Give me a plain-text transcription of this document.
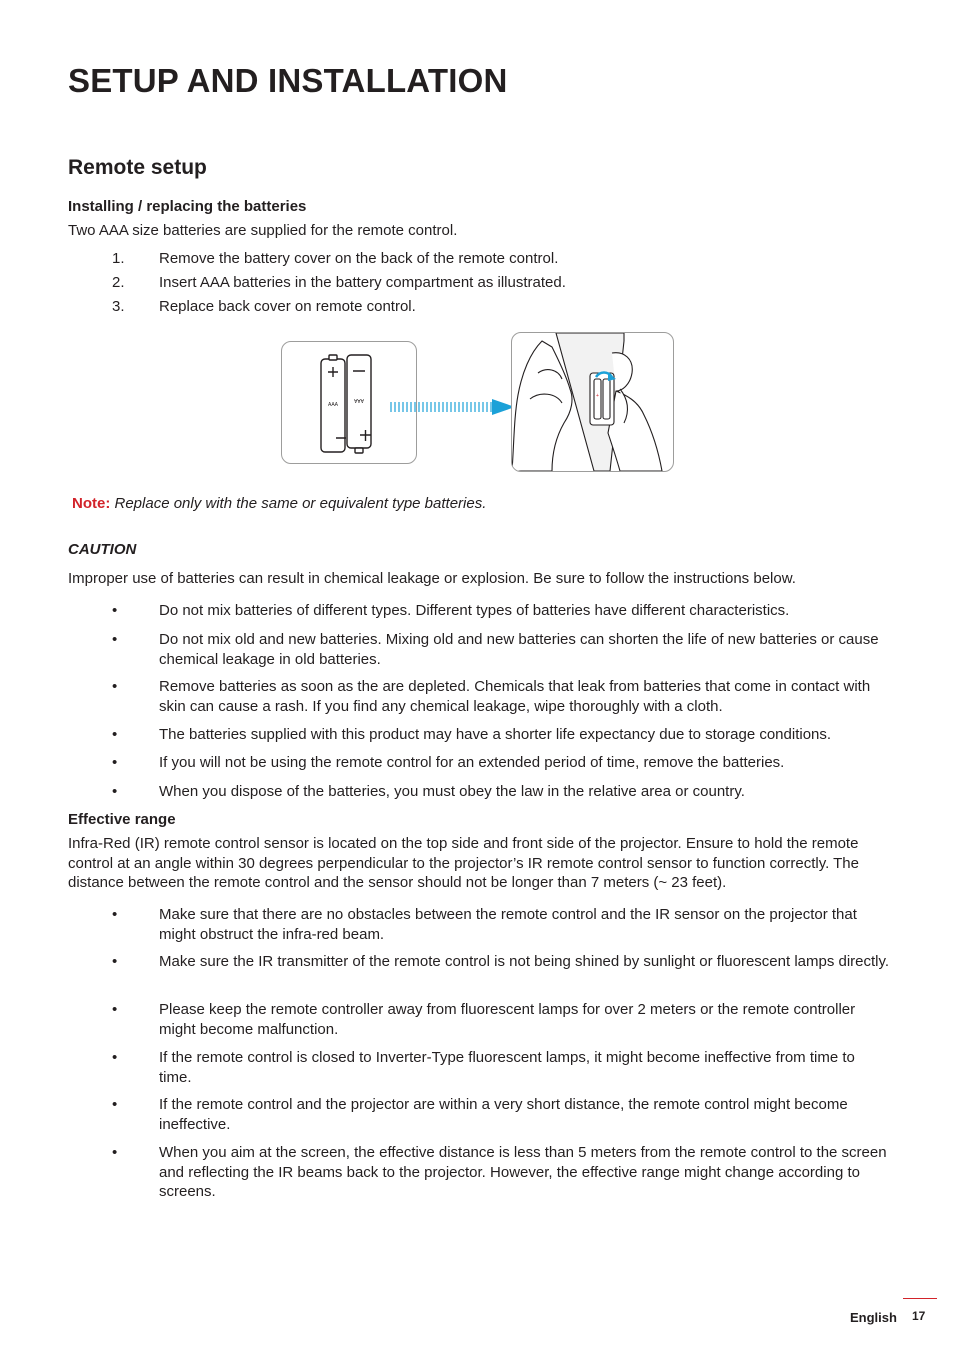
SETUP AND INSTALLATION
Remote setup
Installing / replacing the batteries
Two AAA size batteries are supplied for the remote control.
1.	Remove the battery cover on the back of the remote control.
2.	Insert AAA batteries in the battery compartment as illustrated.
3.	Replace back cover on remote control.
AAA
AAA
+
Note: Replace only with the same or equivalent type batteries.
CAUTION
Improper use of batteries can result in chemical leakage or explosion. Be sure to follow the instructions below.
•	Do not mix batteries of different types. Different types of batteries have different characteristics.
•	Do not mix old and new batteries. Mixing old and new batteries can shorten the life of new batteries or cause chemical leakage in old batteries.
•	Remove batteries as soon as the are depleted. Chemicals that leak from batteries that come in contact with skin can cause a rash. If you find any chemical leakage, wipe thoroughly with a cloth.
•	The batteries supplied with this product may have a shorter life expectancy due to storage conditions.
•	If you will not be using the remote control for an extended period of time, remove the batteries.
•	When you dispose of the batteries, you must obey the law in the relative area or country.
Effective range
Infra-Red (IR) remote control sensor is located on the top side and front side of the projector. Ensure to hold the remote control at an angle within 30 degrees perpendicular to the projector’s IR remote control sensor to function correctly. The distance between the remote control and the sensor should not be longer than 7 meters (~ 23 feet).
•	Make sure that there are no obstacles between the remote control and the IR sensor on the projector that might obstruct the infra-red beam.
•	Make sure the IR transmitter of the remote control is not being shined by sunlight or fluorescent lamps directly.
•	Please keep the remote controller away from fluorescent lamps for over 2 meters or the remote controller might become malfunction.
•	If the remote control is closed to Inverter-Type fluorescent lamps, it might become ineffective from time to time.
•	If the remote control and the projector are within a very short distance, the remote control might become ineffective.
•	When you aim at the screen, the effective distance is less than 5 meters from the remote control to the screen and reflecting the IR beams back to the projector. However, the effective range might change according to screens.
English 17
